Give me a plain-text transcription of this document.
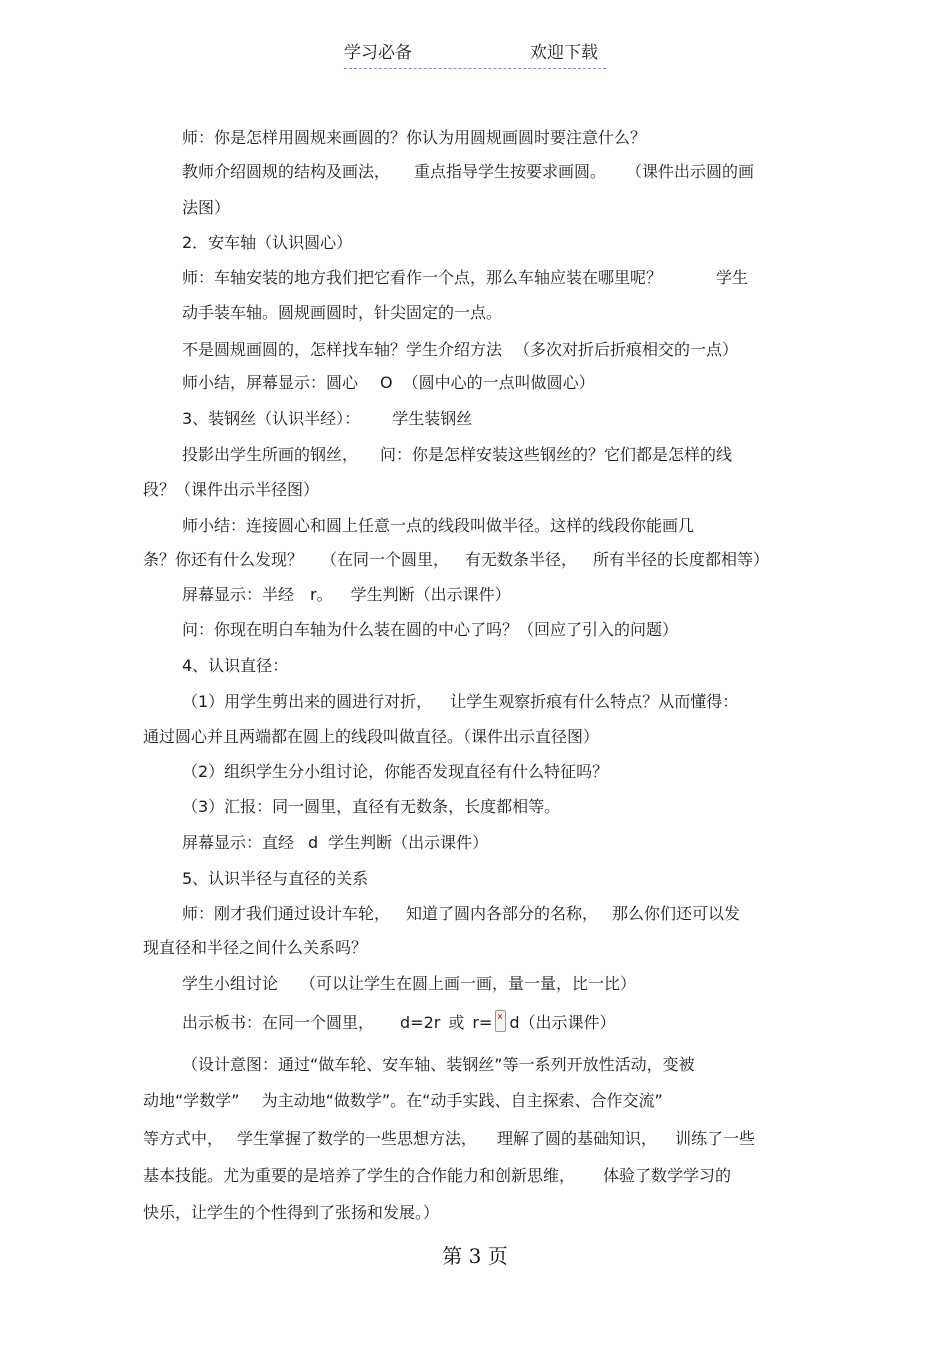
学习必备	欢迎下载
师：你是怎样用圆规来画圆的？你认为用圆规画圆时要注意什么？
教师介绍圆规的结构及画法， 重点指导学生按要求画圆。 （课件出示圆的画
法图）
2．安车轴（认识圆心）
师：车轴安装的地方我们把它看作一个点，那么车轴应装在哪里呢？	学生
动手装车轴。圆规画圆时，针尖固定的一点。
不是圆规画圆的，怎样找车轴？学生介绍方法 （多次对折后折痕相交的一点）
师小结，屏幕显示：圆心 O （圆中心的一点叫做圆心）
3、装钢丝（认识半经）： 学生装钢丝
投影出学生所画的钢丝， 问：你是怎样安装这些钢丝的？它们都是怎样的线
段？（课件出示半径图）
师小结：连接圆心和圆上任意一点的线段叫做半径。这样的线段你能画几
条？你还有什么发现？ （在同一个圆里， 有无数条半径， 所有半径的长度都相等）
屏幕显示：半经 r。 学生判断（出示课件）
问：你现在明白车轴为什么装在圆的中心了吗？（回应了引入的问题）
4、认识直径：
（1）用学生剪出来的圆进行对折， 让学生观察折痕有什么特点？从而懂得：
通过圆心并且两端都在圆上的线段叫做直径。（课件出示直径图）
（2）组织学生分小组讨论，你能否发现直径有什么特征吗？
（3）汇报：同一圆里，直径有无数条，长度都相等。
屏幕显示：直经 d 学生判断（出示课件）
5、认识半径与直径的关系
师：刚才我们通过设计车轮， 知道了圆内各部分的名称， 那么你们还可以发
现直径和半径之间什么关系吗？
学生小组讨论 （可以让学生在圆上画一画，量一量，比一比）
出示板书：在同一个圆里， d=2r 或 r= x d（出示课件）
（设计意图：通过“做车轮、安车轴、装钢丝”等一系列开放性活动，变被
动地“学数学” 为主动地“做数学”。在“动手实践、自主探索、合作交流”
等方式中， 学生掌握了数学的一些思想方法， 理解了圆的基础知识， 训练了一些
基本技能。尤为重要的是培养了学生的合作能力和创新思维， 体验了数学学习的
快乐，让学生的个性得到了张扬和发展。）
第 3 页
